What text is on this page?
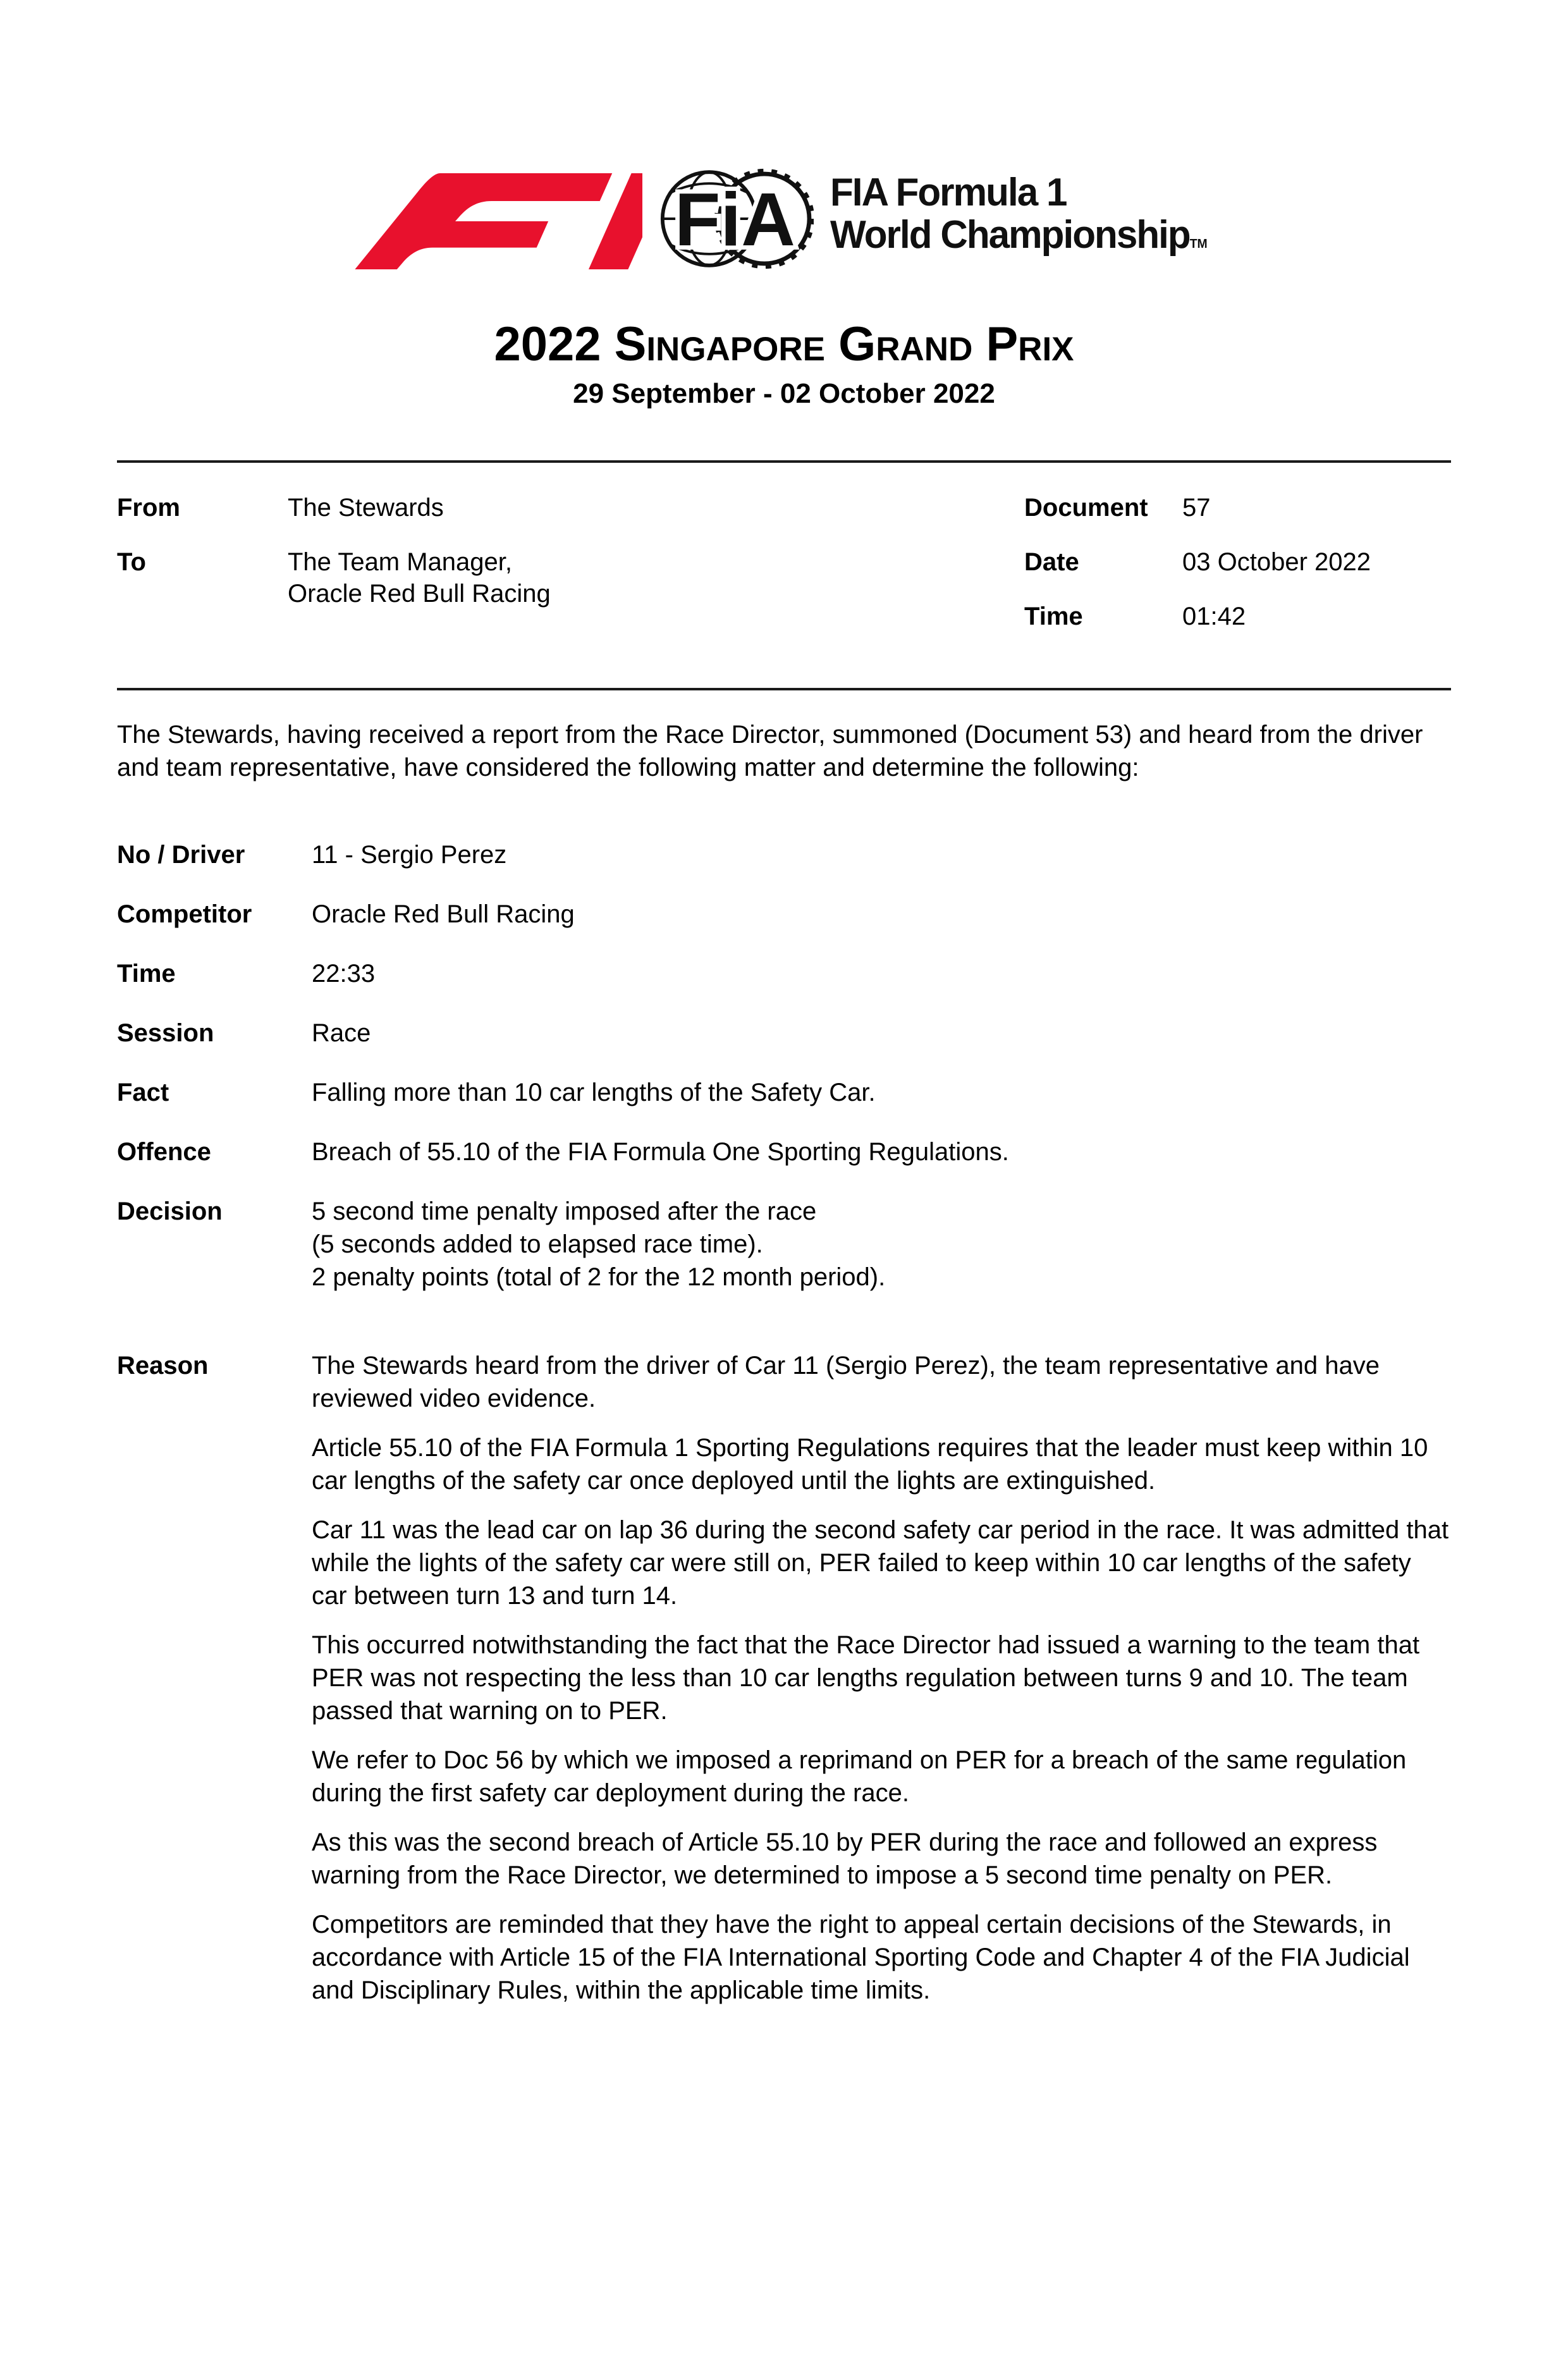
FiA FIA Formula 1
World ChampionshipTM
2022 Singapore Grand Prix
29 September - 02 October 2022
From	The Stewards
To	The Team Manager,
Oracle Red Bull Racing
Document	57
Date	03 October 2022
Time	01:42
The Stewards, having received a report from the Race Director, summoned (Document 53) and heard from the driver and team representative, have considered the following matter and determine the following:
No / Driver	11 - Sergio Perez
Competitor	Oracle Red Bull Racing
Time	22:33
Session	Race
Fact	Falling more than 10 car lengths of the Safety Car.
Offence	Breach of 55.10 of the FIA Formula One Sporting Regulations.
Decision	5 second time penalty imposed after the race
(5 seconds added to elapsed race time).
2 penalty points (total of 2 for the 12 month period).
Reason	The Stewards heard from the driver of Car 11 (Sergio Perez), the team representative and have reviewed video evidence.

Article 55.10 of the FIA Formula 1 Sporting Regulations requires that the leader must keep within 10 car lengths of the safety car once deployed until the lights are extinguished.

Car 11 was the lead car on lap 36 during the second safety car period in the race. It was admitted that while the lights of the safety car were still on, PER failed to keep within 10 car lengths of the safety car between turn 13 and turn 14.

This occurred notwithstanding the fact that the Race Director had issued a warning to the team that PER was not respecting the less than 10 car lengths regulation between turns 9 and 10. The team passed that warning on to PER.

We refer to Doc 56 by which we imposed a reprimand on PER for a breach of the same regulation during the first safety car deployment during the race.

As this was the second breach of Article 55.10 by PER during the race and followed an express warning from the Race Director, we determined to impose a 5 second time penalty on PER.

Competitors are reminded that they have the right to appeal certain decisions of the Stewards, in accordance with Article 15 of the FIA International Sporting Code and Chapter 4 of the FIA Judicial and Disciplinary Rules, within the applicable time limits.
